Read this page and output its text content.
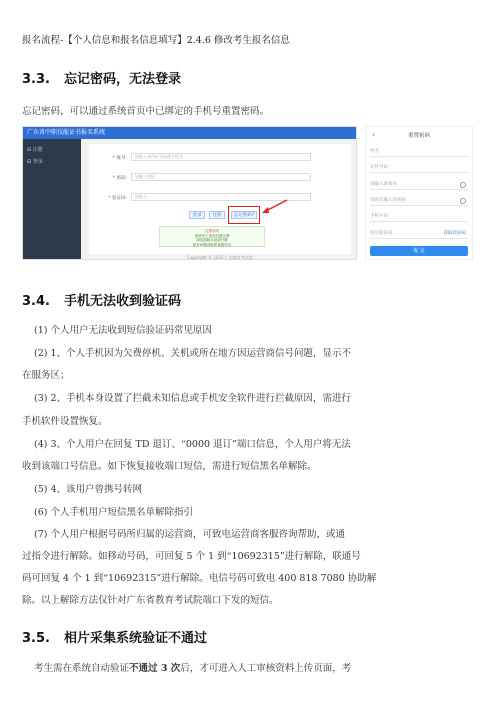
报名流程-【个人信息和报名信息填写】2.4.6 修改考生报名信息
3.3. 忘记密码，无法登录
忘记密码，可以通过系统首页中已绑定的手机号重置密码。
广东省中职技能证书报名系统
⊟ 注册
⊟ 登录
* 账号:	请输入身份证号码或手机号
* 密码:	请输入密码
* 验证码:	请输入
登录	注册	忘记密码?
注册说明
请使用下述浏览器注册
浏览器版本低请升级
如有问题请联系客服电话
Copyright © 2022 广东教育考试院
‹	重置密码
姓名
证件号码
请输入新密码
请再次输入新密码
手机号码
短信验证码	获取验证码
提 交
3.4. 手机无法收到验证码
(1) 个人用户无法收到短信验证码常见原因
(2) 1、个人手机因为欠费停机、关机或所在地方因运营商信号问题，显示不
在服务区；
(3) 2、手机本身设置了拦截未知信息或手机安全软件进行拦截原因，需进行
手机软件设置恢复。
(4) 3、个人用户在回复 TD 退订、“0000 退订”端口信息，个人用户将无法
收到该端口号信息。如下恢复接收端口短信，需进行短信黑名单解除。
(5) 4、该用户曾携号转网
(6) 个人手机用户短信黑名单解除指引
(7) 个人用户根据号码所归属的运营商，可致电运营商客服咨询帮助，或通
过指令进行解除。如移动号码，可回复 5 个 1 到“10692315”进行解除，联通号
码可回复 4 个 1 到“10692315”进行解除。电信号码可致电 400 818 7080 协助解
除。以上解除方法仅针对广东省教育考试院端口下发的短信。
3.5. 相片采集系统验证不通过
考生需在系统自动验证不通过 3 次后，才可进入人工审核资料上传页面，考
